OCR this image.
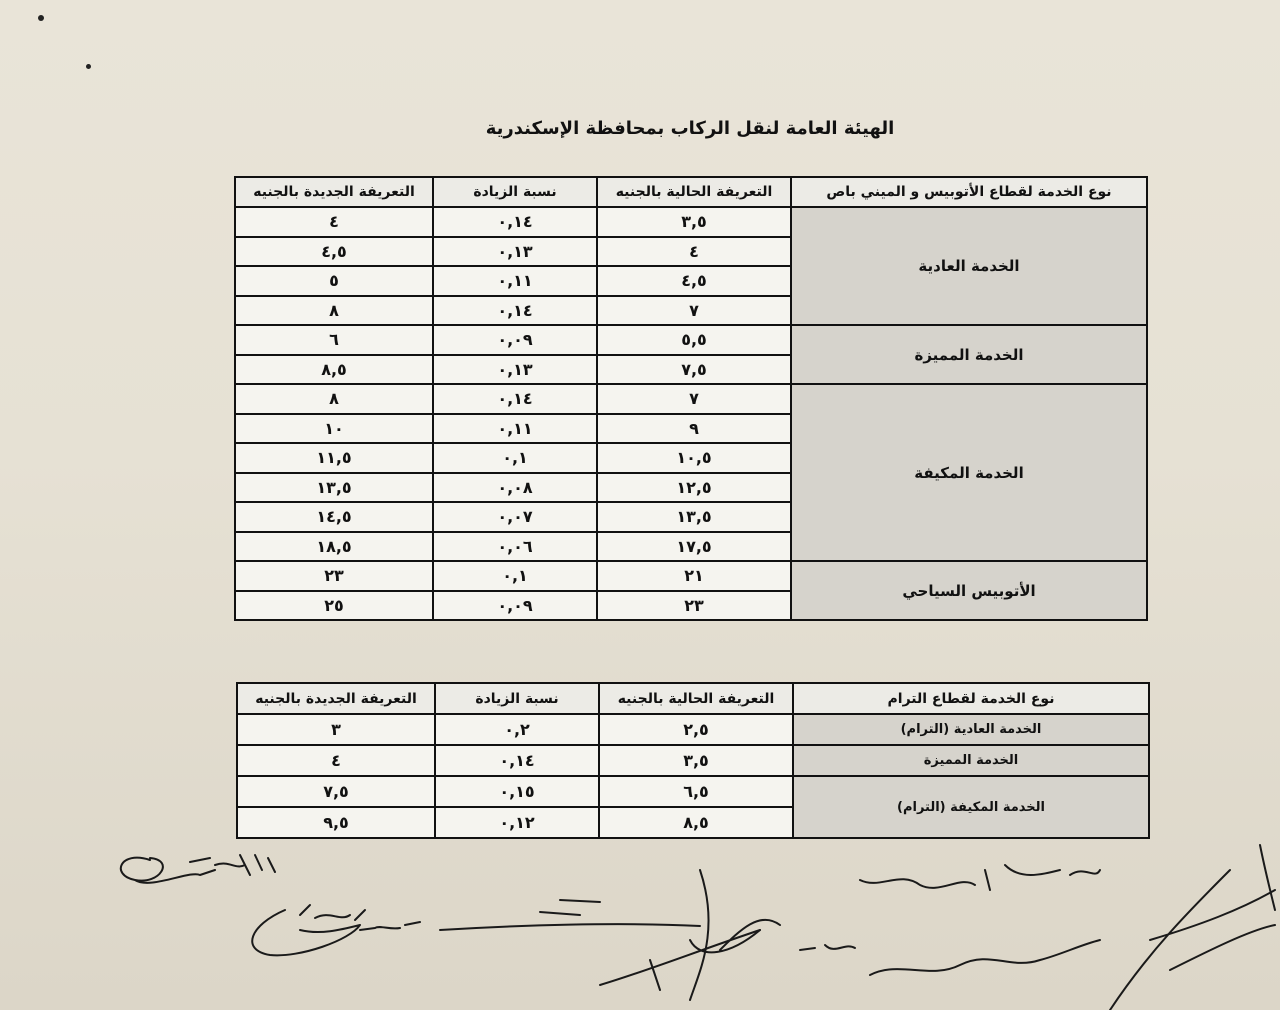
الهيئة العامة لنقل الركاب بمحافظة الإسكندرية
نوع الخدمة لقطاع الأتوبيس و الميني باص	التعريفة الحالية بالجنيه	نسبة الزيادة	التعريفة الجديدة بالجنيه
الخدمة العادية	٣,٥	٠,١٤	٤
	٤	٠,١٣	٤,٥
	٤,٥	٠,١١	٥
	٧	٠,١٤	٨
الخدمة المميزة	٥,٥	٠,٠٩	٦
	٧,٥	٠,١٣	٨,٥
الخدمة المكيفة	٧	٠,١٤	٨
	٩	٠,١١	١٠
	١٠,٥	٠,١	١١,٥
	١٢,٥	٠,٠٨	١٣,٥
	١٣,٥	٠,٠٧	١٤,٥
	١٧,٥	٠,٠٦	١٨,٥
الأتوبيس السياحي	٢١	٠,١	٢٣
	٢٣	٠,٠٩	٢٥
نوع الخدمة لقطاع الترام	التعريفة الحالية بالجنيه	نسبة الزيادة	التعريفة الجديدة بالجنيه
الخدمة العادية (الترام)	٢,٥	٠,٢	٣
الخدمة المميزة	٣,٥	٠,١٤	٤
الخدمة المكيفة (الترام)	٦,٥	٠,١٥	٧,٥
	٨,٥	٠,١٢	٩,٥
